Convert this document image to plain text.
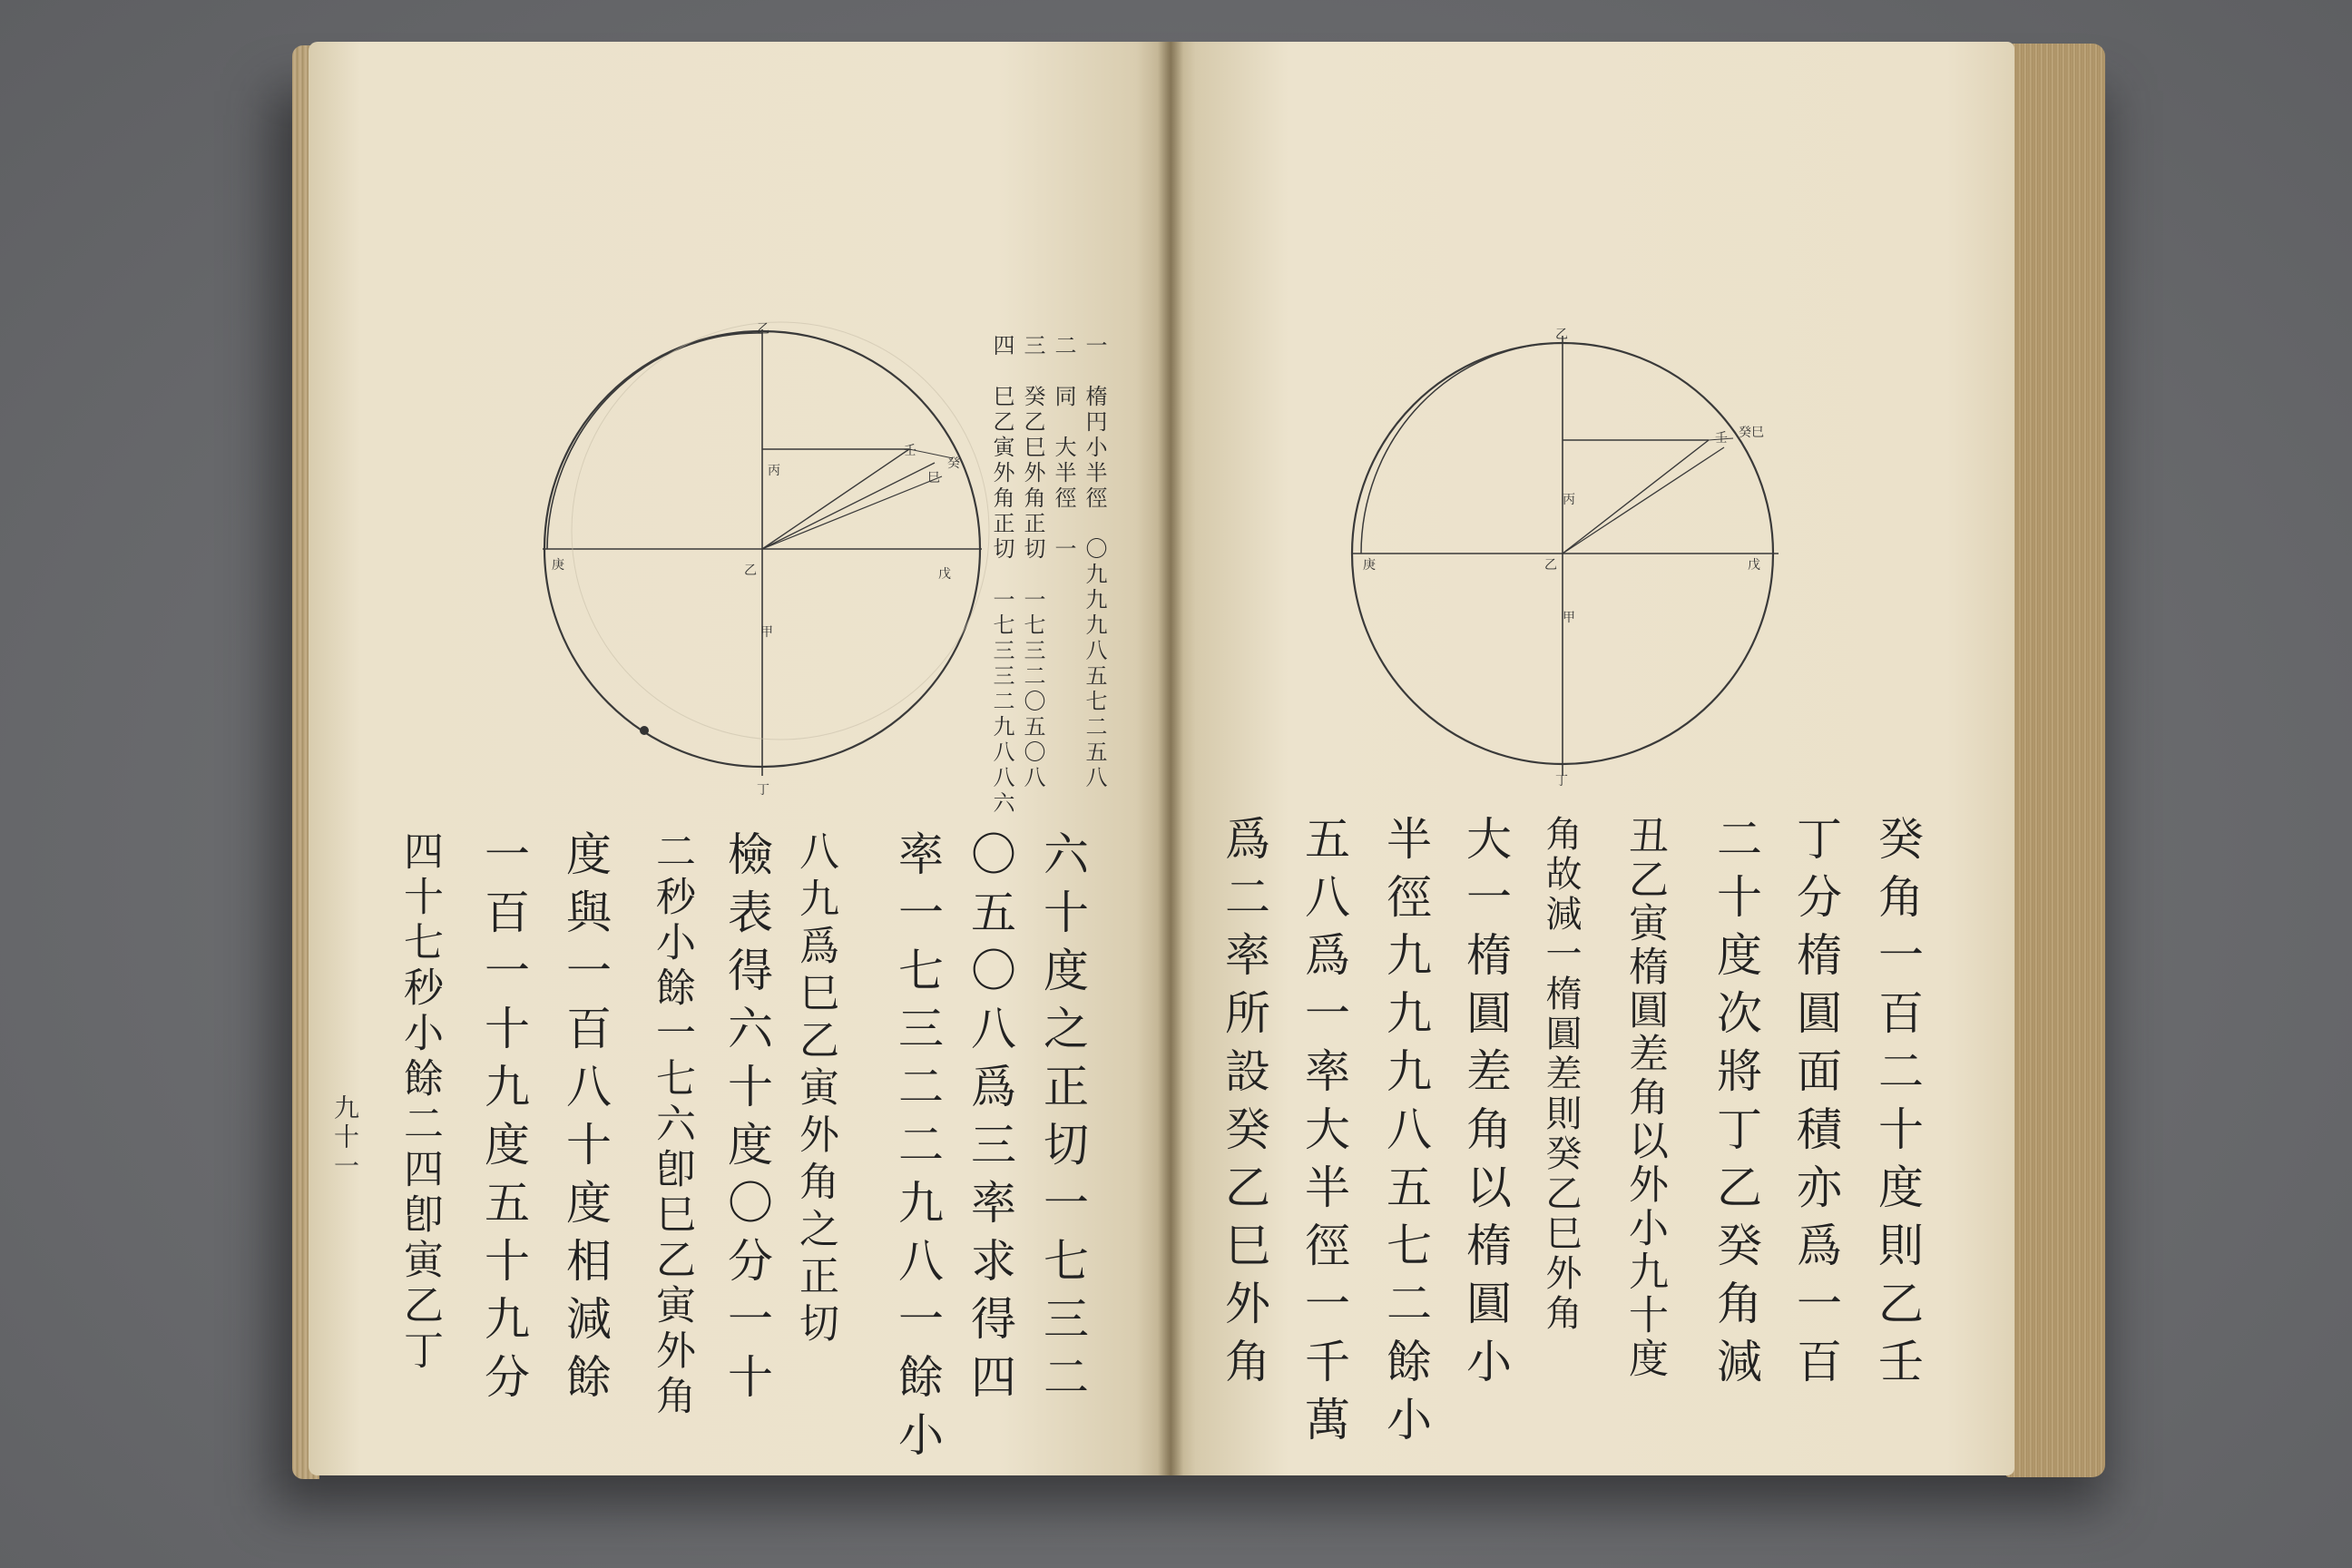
乙
丁
庚
戊
乙
丙
甲
壬
巳
癸	一　楕円小半徑　〇九九九八五七二五八
二　同　大半徑　一
三　癸乙巳外角正切　一七三二〇五〇八
四　巳乙寅外角正切　一七三三二九八八六
六十度之正切一七三二
〇五〇八爲三率求得四
率一七三二二九八一餘小
八九爲巳乙寅外角之正切
檢表得六十度〇分一十
二秒小餘一七六卽巳乙寅外角
度與一百八十度相減餘
一百一十九度五十九分
四十七秒小餘二四卽寅乙丁
九十一
乙
丁
庚	戊
乙
丙
甲
壬 癸巳
癸角一百二十度則乙壬
丁分楕圓面積亦爲一百
二十度次將丁乙癸角減
丑乙寅楕圓差角以外小九十度
角故減一楕圓差則癸乙巳外角
大一楕圓差角以楕圓小
半徑九九九八五七二餘小
五八爲一率大半徑一千萬
爲二率所設癸乙巳外角
